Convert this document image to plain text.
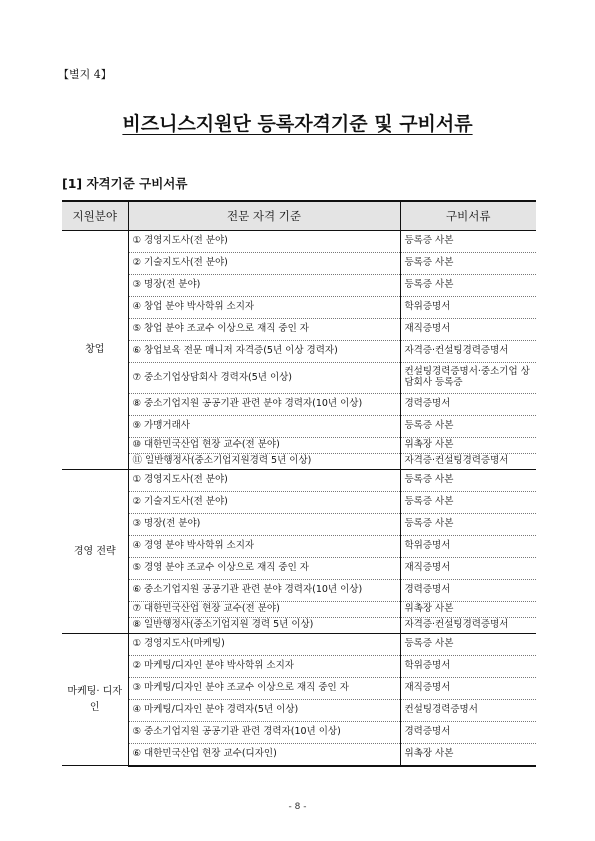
【별지 4】
비즈니스지원단 등록자격기준 및 구비서류
[1] 자격기준 구비서류
지원분야	전문 자격 기준	구비서류
창업	① 경영지도사(전 분야)	등록증 사본
	② 기술지도사(전 분야)	등록증 사본
	③ 명장(전 분야)	등록증 사본
	④ 창업 분야 박사학위 소지자	학위증명서
	⑤ 창업 분야 조교수 이상으로 재직 중인 자	재직증명서
	⑥ 창업보육 전문 매니저 자격증(5년 이상 경력자)	자격증·컨설팅경력증명서
	⑦ 중소기업상담회사 경력자(5년 이상)	컨설팅경력증명서·중소기업 상담회사 등록증
	⑧ 중소기업지원 공공기관 관련 분야 경력자(10년 이상)	경력증명서
	⑨ 가맹거래사	등록증 사본
	⑩ 대한민국산업 현장 교수(전 분야)	위촉장 사본
	⑪ 일반행정사(중소기업지원경력 5년 이상)	자격증·컨설팅경력증명서
경영 전략	① 경영지도사(전 분야)	등록증 사본
	② 기술지도사(전 분야)	등록증 사본
	③ 명장(전 분야)	등록증 사본
	④ 경영 분야 박사학위 소지자	학위증명서
	⑤ 경영 분야 조교수 이상으로 재직 중인 자	재직증명서
	⑥ 중소기업지원 공공기관 관련 분야 경력자(10년 이상)	경력증명서
	⑦ 대한민국산업 현장 교수(전 분야)	위촉장 사본
	⑧ 일반행정사(중소기업지원 경력 5년 이상)	자격증·컨설팅경력증명서
마케팅· 디자인	① 경영지도사(마케팅)	등록증 사본
	② 마케팅/디자인 분야 박사학위 소지자	학위증명서
	③ 마케팅/디자인 분야 조교수 이상으로 재직 중인 자	재직증명서
	④ 마케팅/디자인 분야 경력자(5년 이상)	컨설팅경력증명서
	⑤ 중소기업지원 공공기관 관련 경력자(10년 이상)	경력증명서
	⑥ 대한민국산업 현장 교수(디자인)	위촉장 사본
- 8 -
